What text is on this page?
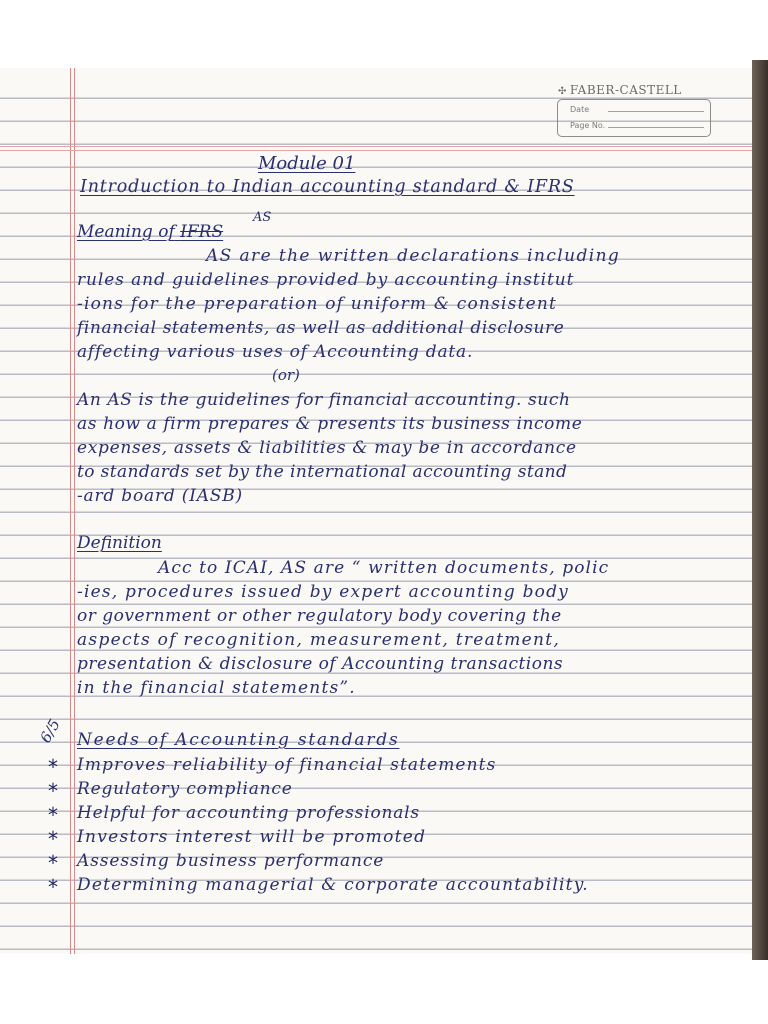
✣ FABER-CASTELL
Date
Page No.
Module 01
Introduction to Indian accounting standard & IFRS
Meaning of IFRS
AS
AS are the written declarations including
rules and guidelines provided by accounting institut
-ions for the preparation of uniform & consistent
financial statements, as well as additional disclosure
affecting various uses of Accounting data.
(or)
An AS is the guidelines for financial accounting. such
as how a firm prepares & presents its business income
expenses, assets & liabilities & may be in accordance
to standards set by the international accounting stand
-ard board (IASB)
Definition
Acc to ICAI, AS are “ written documents, polic
-ies, procedures issued by expert accounting body
or government or other regulatory body covering the
aspects of recognition, measurement, treatment,
presentation & disclosure of Accounting transactions
in the financial statements”.
6/5 Needs of Accounting standards
* Improves reliability of financial statements
* Regulatory compliance
* Helpful for accounting professionals
* Investors interest will be promoted
* Assessing business performance
* Determining managerial & corporate accountability.
